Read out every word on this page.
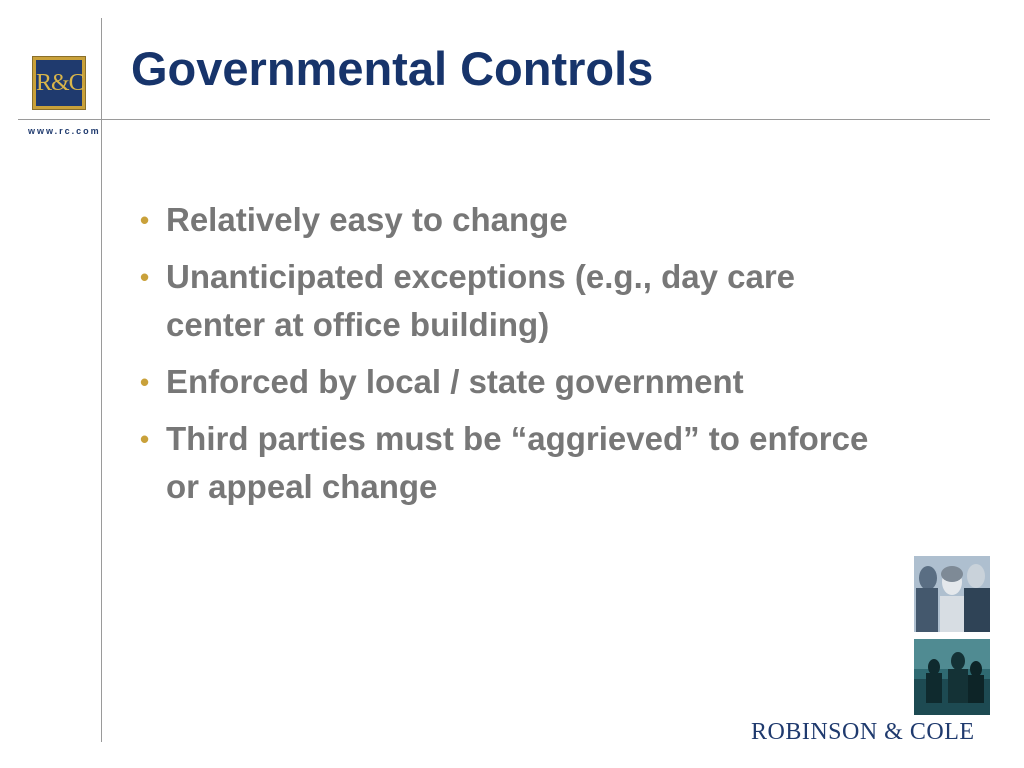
R&C
www.rc.com
Governmental Controls
• Relatively easy to change
• Unanticipated exceptions (e.g., day care center at office building)
• Enforced by local / state government
• Third parties must be “aggrieved” to enforce or appeal change
ROBINSON & COLE
